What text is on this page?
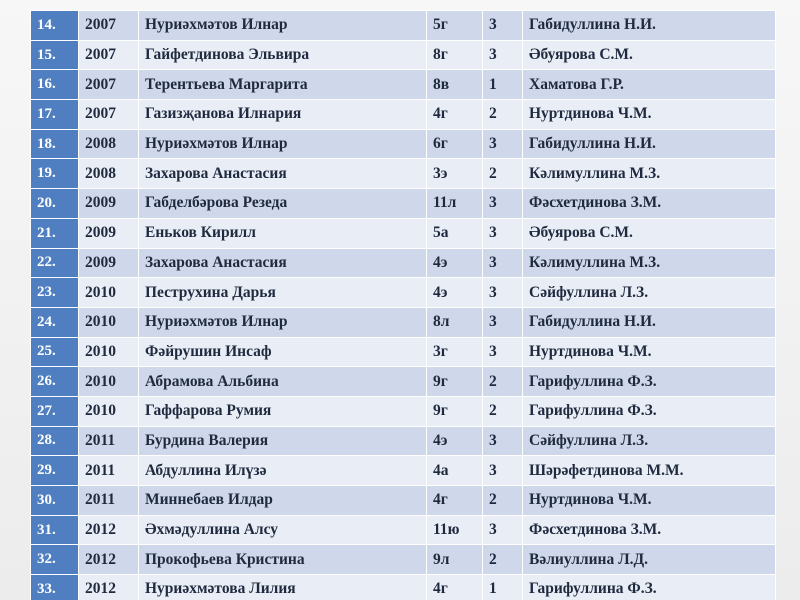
14.	2007	Нуриәхмәтов Илнар	5г	3	Габидуллина Н.И.
15.	2007	Гайфетдинова Эльвира	8г	3	Әбуярова С.М.
16.	2007	Терентьева Маргарита	8в	1	Хаматова Г.Р.
17.	2007	Газизҗанова Илнария	4г	2	Нуртдинова Ч.М.
18.	2008	Нуриәхмәтов Илнар	6г	3	Габидуллина Н.И.
19.	2008	Захарова Анастасия	3э	2	Кәлимуллина М.З.
20.	2009	Габделбәрова Резеда	11л	3	Фәсхетдинова З.М.
21.	2009	Еньков Кирилл	5а	3	Әбуярова С.М.
22.	2009	Захарова Анастасия	4э	3	Кәлимуллина М.З.
23.	2010	Пеструхина Дарья	4э	3	Сәйфуллина Л.З.
24.	2010	Нуриәхмәтов Илнар	8л	3	Габидуллина Н.И.
25.	2010	Фәйрушин Инсаф	3г	3	Нуртдинова Ч.М.
26.	2010	Абрамова Альбина	9г	2	Гарифуллина Ф.З.
27.	2010	Гаффарова Румия	9г	2	Гарифуллина Ф.З.
28.	2011	Бурдина Валерия	4э	3	Сәйфуллина Л.З.
29.	2011	Абдуллина Илүзә	4а	3	Шәрәфетдинова М.М.
30.	2011	Миннебаев Илдар	4г	2	Нуртдинова Ч.М.
31.	2012	Әхмәдуллина Алсу	11ю	3	Фәсхетдинова З.М.
32.	2012	Прокофьева Кристина	9л	2	Вәлиуллина Л.Д.
33.	2012	Нуриәхмәтова Лилия	4г	1	Гарифуллина Ф.З.
